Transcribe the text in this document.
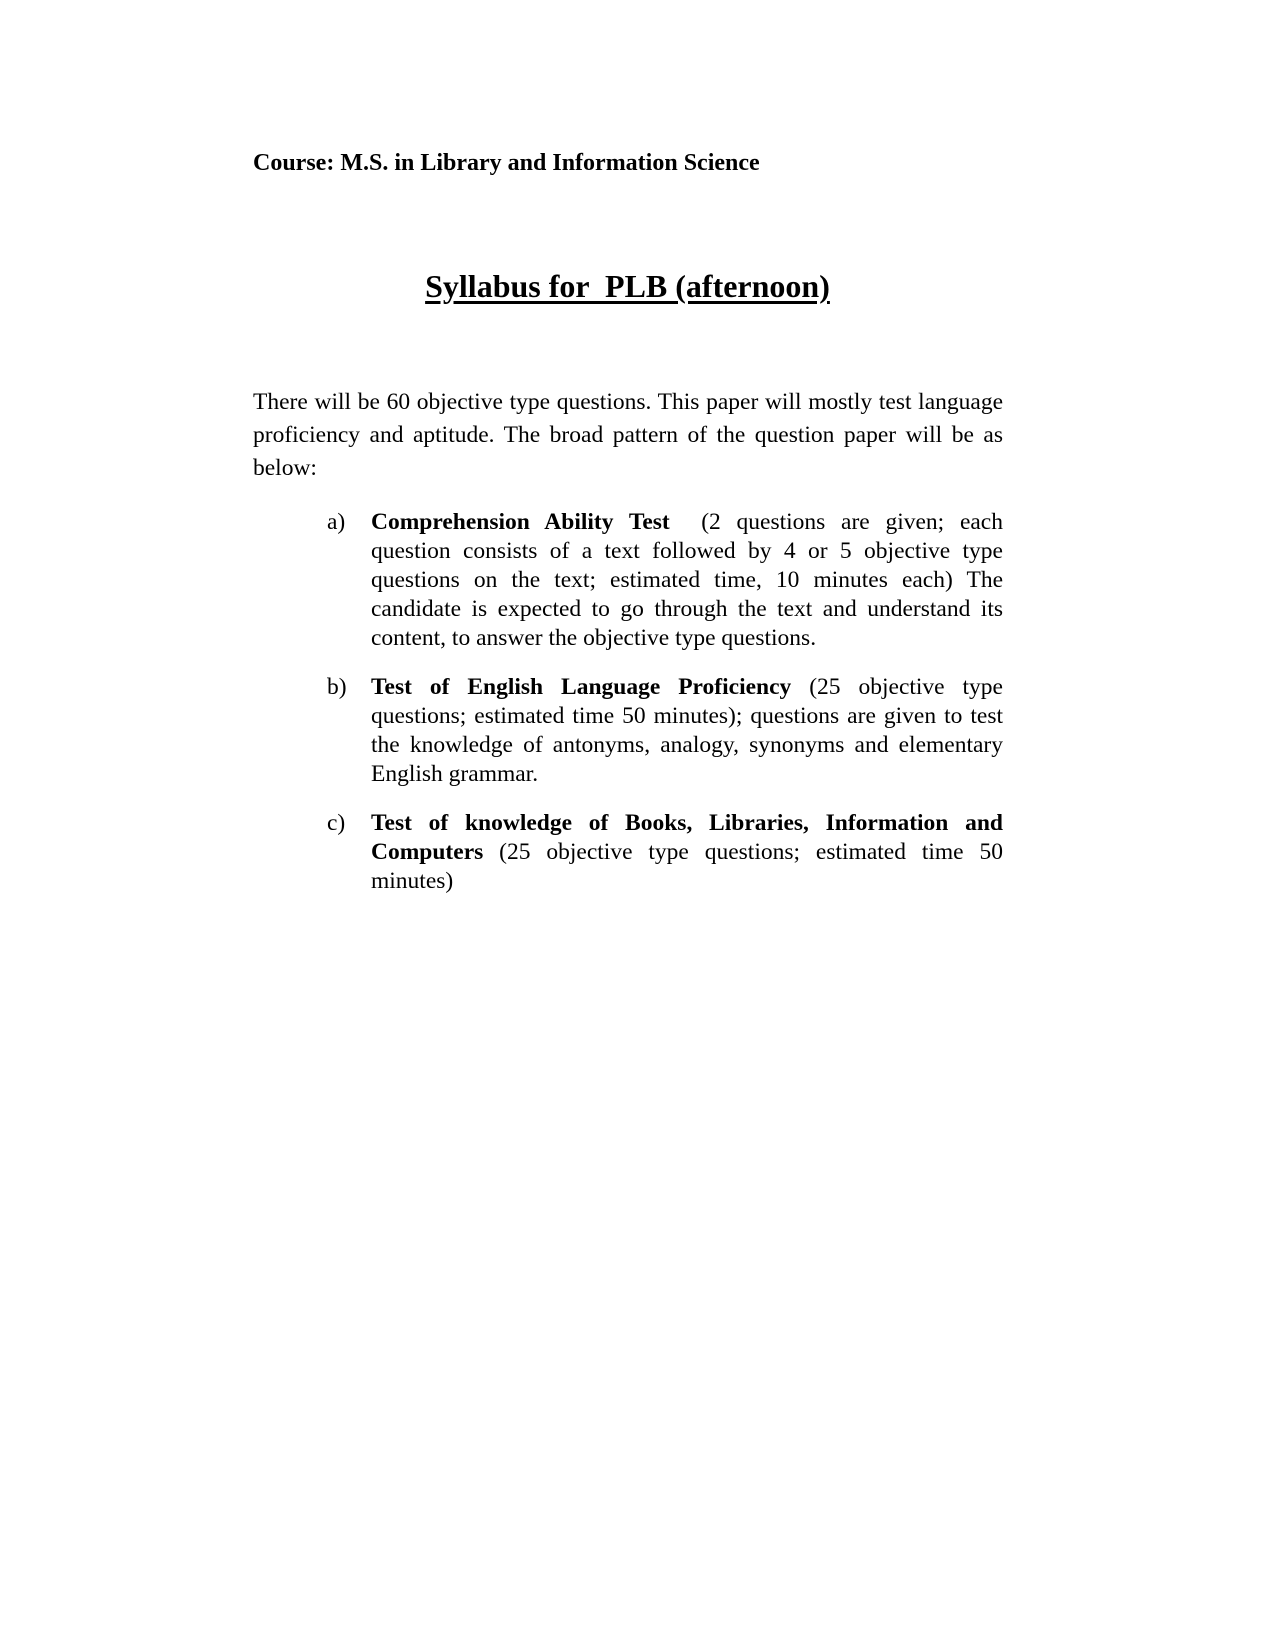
Course: M.S. in Library and Information Science
Syllabus for  PLB (afternoon)

There will be 60 objective type questions. This paper will mostly test language proficiency and aptitude. The broad pattern of the question paper will be as below:

a) Comprehension Ability Test  (2 questions are given; each question consists of a text followed by 4 or 5 objective type questions on the text; estimated time, 10 minutes each) The candidate is expected to go through the text and understand its content, to answer the objective type questions.
b) Test of English Language Proficiency (25 objective type questions; estimated time 50 minutes); questions are given to test the knowledge of antonyms, analogy, synonyms and elementary English grammar.
c) Test of knowledge of Books, Libraries, Information and Computers (25 objective type questions; estimated time 50 minutes)
